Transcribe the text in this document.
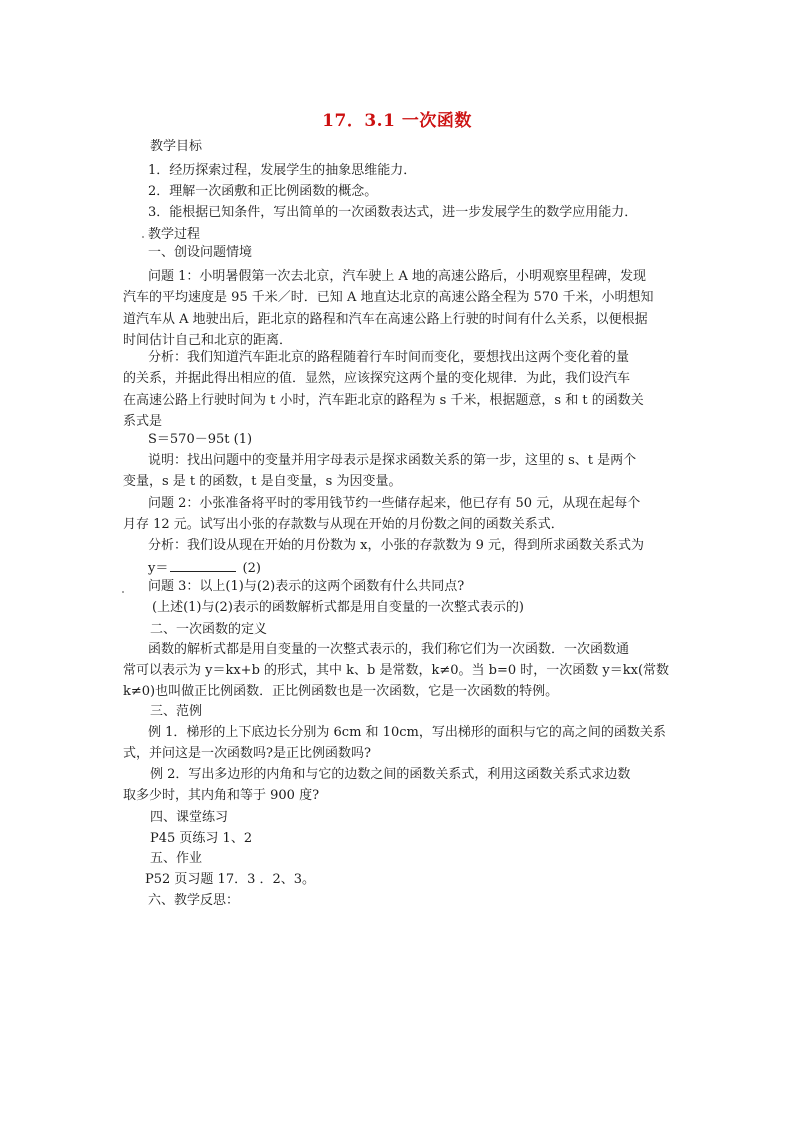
17．3.1 一次函数
教学目标
1．经历探索过程，发展学生的抽象思维能力．
2．理解一次函敷和正比例函数的概念。
3．能根据已知条件，写出简单的一次函数表达式，进一步发展学生的数学应用能力．
教学过程
一、创设问题情境
问题 1：小明暑假第一次去北京，汽车驶上 A 地的高速公路后，小明观察里程碑，发现
汽车的平均速度是 95 千米／时．已知 A 地直达北京的高速公路全程为 570 千米，小明想知
道汽车从 A 地驶出后，距北京的路程和汽车在高速公路上行驶的时间有什么关系，以便根据
时间估计自己和北京的距离．
分析：我们知道汽车距北京的路程随着行车时间而变化，要想找出这两个变化着的量
的关系，并据此得出相应的值．显然，应该探究这两个量的变化规律．为此，我们设汽车
在高速公路上行驶时间为 t 小时，汽车距北京的路程为 s 千米，根据题意，s 和 t 的函数关
系式是
S＝570－95t (1)
说明：找出问题中的变量并用字母表示是探求函数关系的第一步，这里的 s、t 是两个
变量，s 是 t 的函数，t 是自变量，s 为因变量。
问题 2：小张准备将平时的零用钱节约一些储存起来，他已存有 50 元，从现在起每个
月存 12 元。试写出小张的存款数与从现在开始的月份数之间的函数关系式．
分析：我们设从现在开始的月份数为 x，小张的存款数为 9 元，得到所求函数关系式为
y＝	(2)
问题 3：以上(1)与(2)表示的这两个函数有什么共同点?
(上述(1)与(2)表示的函数解析式都是用自变量的一次整式表示的)
二、一次函数的定义
函数的解析式都是用自变量的一次整式表示的，我们称它们为一次函数．一次函数通
常可以表示为 y＝kx+b 的形式，其中 k、b 是常数，k≠0。当 b=0 时，一次函数 y＝kx(常数
k≠0)也叫做正比例函数．正比例函数也是一次函数，它是一次函数的特例。
三、范例
例 1．梯形的上下底边长分别为 6cm 和 10cm，写出梯形的面积与它的高之间的函数关系
式，并问这是一次函数吗?是正比例函数吗?
例 2．写出多边形的内角和与它的边数之间的函数关系式，利用这函数关系式求边数
取多少时，其内角和等于 900 度?
四、课堂练习
P45 页练习 1、2
五、作业
P52 页习题 17．3 ．2、3。
六、教学反思：
